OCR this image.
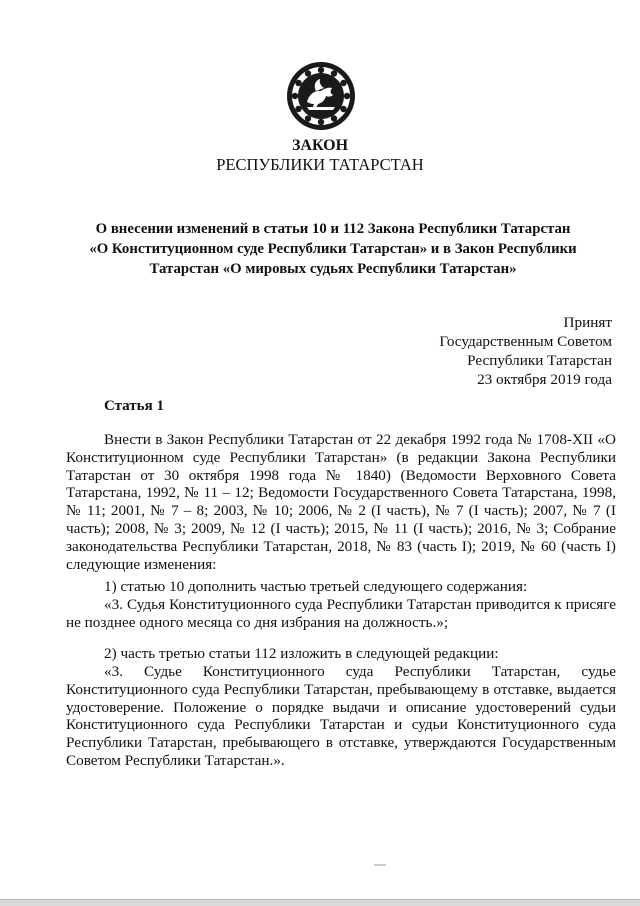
ЗАКОН
РЕСПУБЛИКИ ТАТАРСТАН
О внесении изменений в статьи 10 и 112 Закона Республики Татарстан
«О Конституционном суде Республики Татарстан» и в Закон Республики
Татарстан «О мировых судьях Республики Татарстан»
Принят
Государственным Советом
Республики Татарстан
23 октября 2019 года
Статья 1
Внести в Закон Республики Татарстан от 22 декабря 1992 года № 1708-XII «О Конституционном суде Республики Татарстан» (в редакции Закона Республики Татарстан от 30 октября 1998 года № 1840) (Ведомости Верховного Совета Татарстана, 1992, № 11 – 12; Ведомости Государственного Совета Татарстана, 1998, № 11; 2001, № 7 – 8; 2003, № 10; 2006, № 2 (I часть), № 7 (I часть); 2007, № 7 (I часть); 2008, № 3; 2009, № 12 (I часть); 2015, № 11 (I часть); 2016, № 3; Собрание законодательства Республики Татарстан, 2018, № 83 (часть I); 2019, № 60 (часть I) следующие изменения:
1) статью 10 дополнить частью третьей следующего содержания:
«3. Судья Конституционного суда Республики Татарстан приводится к присяге не позднее одного месяца со дня избрания на должность.»;
2) часть третью статьи 112 изложить в следующей редакции:
«3. Судье Конституционного суда Республики Татарстан, судье Конституционного суда Республики Татарстан, пребывающему в отставке, выдается удостоверение. Положение о порядке выдачи и описание удостоверений судьи Конституционного суда Республики Татарстан и судьи Конституционного суда Республики Татарстан, пребывающего в отставке, утверждаются Государственным Советом Республики Татарстан.».
